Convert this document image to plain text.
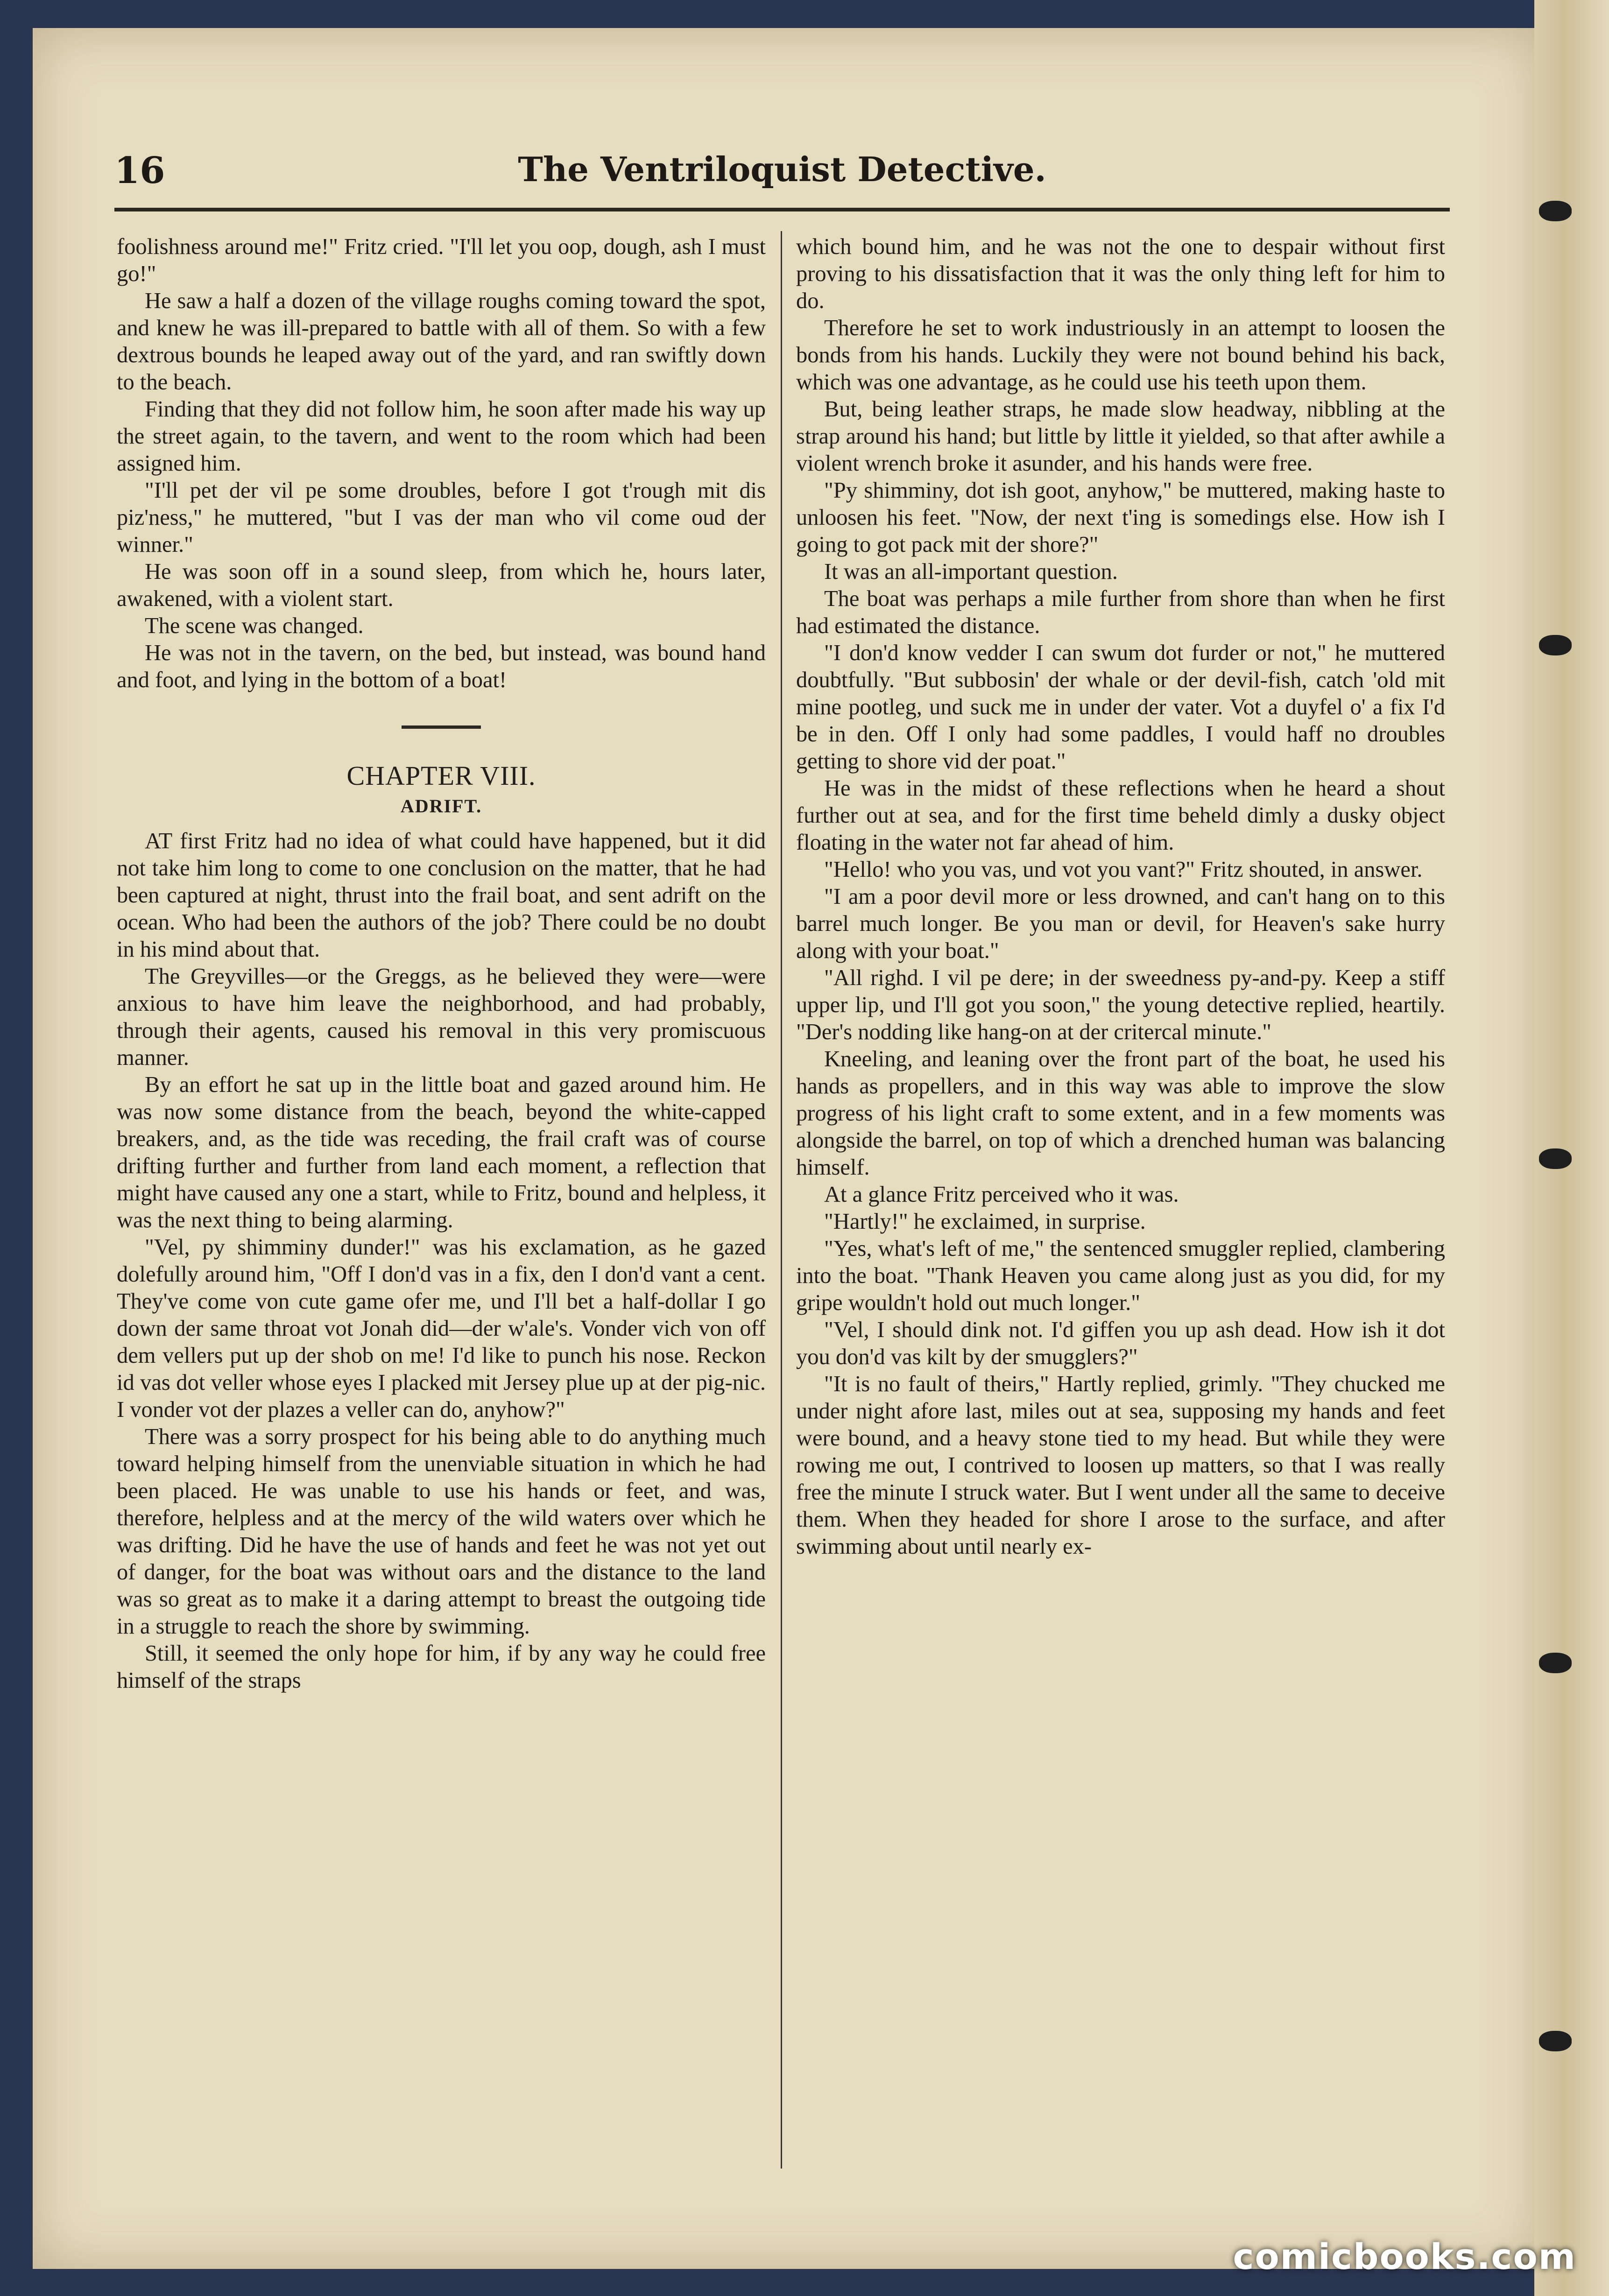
16	The Ventriloquist Detective.

foolishness around me!" Fritz cried. "I'll let you oop, dough, ash I must go!"

He saw a half a dozen of the village roughs coming toward the spot, and knew he was ill-prepared to battle with all of them. So with a few dextrous bounds he leaped away out of the yard, and ran swiftly down to the beach.

Finding that they did not follow him, he soon after made his way up the street again, to the tavern, and went to the room which had been assigned him.

"I'll pet der vil pe some droubles, before I got t'rough mit dis piz'ness," he muttered, "but I vas der man who vil come oud der winner."

He was soon off in a sound sleep, from which he, hours later, awakened, with a violent start.

The scene was changed.

He was not in the tavern, on the bed, but instead, was bound hand and foot, and lying in the bottom of a boat!

CHAPTER VIII.
ADRIFT.

AT first Fritz had no idea of what could have happened, but it did not take him long to come to one conclusion on the matter, that he had been captured at night, thrust into the frail boat, and sent adrift on the ocean. Who had been the authors of the job? There could be no doubt in his mind about that.

The Greyvilles—or the Greggs, as he believed they were—were anxious to have him leave the neighborhood, and had probably, through their agents, caused his removal in this very promiscuous manner.

By an effort he sat up in the little boat and gazed around him. He was now some distance from the beach, beyond the white-capped breakers, and, as the tide was receding, the frail craft was of course drifting further and further from land each moment, a reflection that might have caused any one a start, while to Fritz, bound and helpless, it was the next thing to being alarming.

"Vel, py shimminy dunder!" was his exclamation, as he gazed dolefully around him, "Off I don'd vas in a fix, den I don'd vant a cent. They've come von cute game ofer me, und I'll bet a half-dollar I go down der same throat vot Jonah did—der w'ale's. Vonder vich von off dem vellers put up der shob on me! I'd like to punch his nose. Reckon id vas dot veller whose eyes I placked mit Jersey plue up at der pig-nic. I vonder vot der plazes a veller can do, anyhow?"

There was a sorry prospect for his being able to do anything much toward helping himself from the unenviable situation in which he had been placed. He was unable to use his hands or feet, and was, therefore, helpless and at the mercy of the wild waters over which he was drifting. Did he have the use of hands and feet he was not yet out of danger, for the boat was without oars and the distance to the land was so great as to make it a daring attempt to breast the outgoing tide in a struggle to reach the shore by swimming.

Still, it seemed the only hope for him, if by any way he could free himself of the straps

which bound him, and he was not the one to despair without first proving to his dissatisfaction that it was the only thing left for him to do.

Therefore he set to work industriously in an attempt to loosen the bonds from his hands. Luckily they were not bound behind his back, which was one advantage, as he could use his teeth upon them.

But, being leather straps, he made slow headway, nibbling at the strap around his hand; but little by little it yielded, so that after awhile a violent wrench broke it asunder, and his hands were free.

"Py shimminy, dot ish goot, anyhow," be muttered, making haste to unloosen his feet. "Now, der next t'ing is somedings else. How ish I going to got pack mit der shore?"

It was an all-important question.

The boat was perhaps a mile further from shore than when he first had estimated the distance.

"I don'd know vedder I can swum dot furder or not," he muttered doubtfully. "But subbosin' der whale or der devil-fish, catch 'old mit mine pootleg, und suck me in under der vater. Vot a duyfel o' a fix I'd be in den. Off I only had some paddles, I vould haff no droubles getting to shore vid der poat."

He was in the midst of these reflections when he heard a shout further out at sea, and for the first time beheld dimly a dusky object floating in the water not far ahead of him.

"Hello! who you vas, und vot you vant?" Fritz shouted, in answer.

"I am a poor devil more or less drowned, and can't hang on to this barrel much longer. Be you man or devil, for Heaven's sake hurry along with your boat."

"All righd. I vil pe dere; in der sweedness py-and-py. Keep a stiff upper lip, und I'll got you soon," the young detective replied, heartily. "Der's nodding like hang-on at der critercal minute."

Kneeling, and leaning over the front part of the boat, he used his hands as propellers, and in this way was able to improve the slow progress of his light craft to some extent, and in a few moments was alongside the barrel, on top of which a drenched human was balancing himself.

At a glance Fritz perceived who it was.

"Hartly!" he exclaimed, in surprise.

"Yes, what's left of me," the sentenced smuggler replied, clambering into the boat. "Thank Heaven you came along just as you did, for my gripe wouldn't hold out much longer."

"Vel, I should dink not. I'd giffen you up ash dead. How ish it dot you don'd vas kilt by der smugglers?"

"It is no fault of theirs," Hartly replied, grimly. "They chucked me under night afore last, miles out at sea, supposing my hands and feet were bound, and a heavy stone tied to my head. But while they were rowing me out, I contrived to loosen up matters, so that I was really free the minute I struck water. But I went under all the same to deceive them. When they headed for shore I arose to the surface, and after swimming about until nearly ex-

comicbooks.com
